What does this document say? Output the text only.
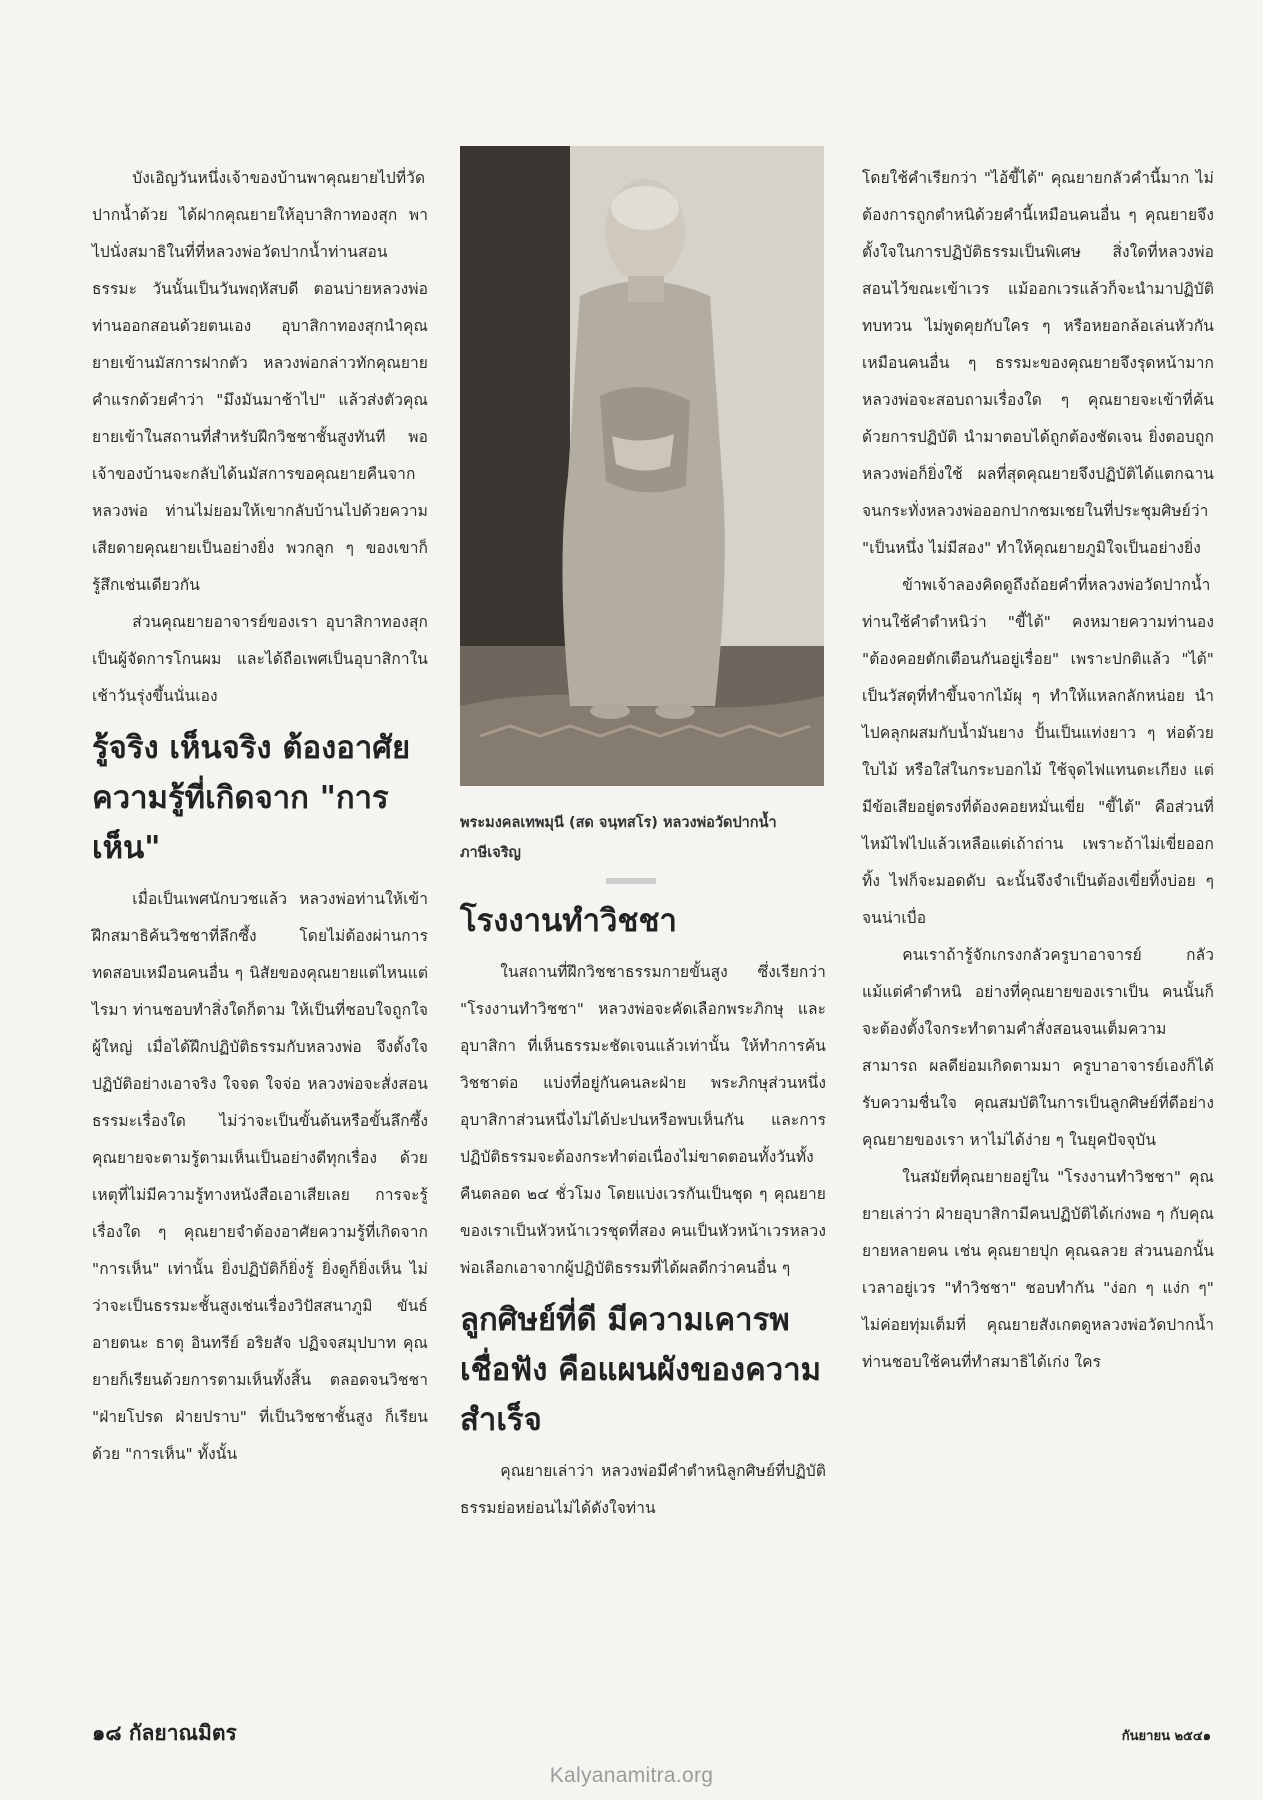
บังเอิญวันหนึ่งเจ้าของบ้านพาคุณยายไปที่วัดปากน้ำด้วย ได้ฝากคุณยายให้อุบาสิกาทองสุก พาไปนั่งสมาธิในที่ที่หลวงพ่อวัดปากน้ำท่านสอนธรรมะ วันนั้นเป็นวันพฤหัสบดี ตอนบ่ายหลวงพ่อท่านออกสอนด้วยตนเอง อุบาสิกาทองสุกนำคุณยายเข้านมัสการฝากตัว หลวงพ่อกล่าวทักคุณยายคำแรกด้วยคำว่า "มึงมันมาช้าไป" แล้วส่งตัวคุณยายเข้าในสถานที่สำหรับฝึกวิชชาชั้นสูงทันที พอเจ้าของบ้านจะกลับได้นมัสการขอคุณยายคืนจากหลวงพ่อ ท่านไม่ยอมให้เขากลับบ้านไปด้วยความเสียดายคุณยายเป็นอย่างยิ่ง พวกลูก ๆ ของเขาก็รู้สึกเช่นเดียวกัน

ส่วนคุณยายอาจารย์ของเรา อุบาสิกาทองสุกเป็นผู้จัดการโกนผม และได้ถือเพศเป็นอุบาสิกาในเช้าวันรุ่งขึ้นนั่นเอง

รู้จริง เห็นจริง ต้องอาศัยความรู้ที่เกิดจาก "การเห็น"

เมื่อเป็นเพศนักบวชแล้ว หลวงพ่อท่านให้เข้าฝึกสมาธิค้นวิชชาที่ลึกซึ้ง โดยไม่ต้องผ่านการทดสอบเหมือนคนอื่น ๆ นิสัยของคุณยายแต่ไหนแต่ไรมา ท่านชอบทำสิ่งใดก็ตาม ให้เป็นที่ชอบใจถูกใจผู้ใหญ่ เมื่อได้ฝึกปฏิบัติธรรมกับหลวงพ่อ จึงตั้งใจปฏิบัติอย่างเอาจริง ใจจด ใจจ่อ หลวงพ่อจะสั่งสอนธรรมะเรื่องใด ไม่ว่าจะเป็นขั้นต้นหรือขั้นลึกซึ้ง คุณยายจะตามรู้ตามเห็นเป็นอย่างดีทุกเรื่อง ด้วยเหตุที่ไม่มีความรู้ทางหนังสือเอาเสียเลย การจะรู้เรื่องใด ๆ คุณยายจำต้องอาศัยความรู้ที่เกิดจาก "การเห็น" เท่านั้น ยิ่งปฏิบัติก็ยิ่งรู้ ยิ่งดูก็ยิ่งเห็น ไม่ว่าจะเป็นธรรมะชั้นสูงเช่นเรื่องวิปัสสนาภูมิ ขันธ์ อายตนะ ธาตุ อินทรีย์ อริยสัจ ปฏิจจสมุปบาท คุณยายก็เรียนด้วยการตามเห็นทั้งสิ้น ตลอดจนวิชชา "ฝ่ายโปรด ฝ่ายปราบ" ที่เป็นวิชชาชั้นสูง ก็เรียนด้วย "การเห็น" ทั้งนั้น

พระมงคลเทพมุนี (สด จนฺทสโร) หลวงพ่อวัดปากน้ำ ภาษีเจริญ
โรงงานทำวิชชา

ในสถานที่ฝึกวิชชาธรรมกายขั้นสูง ซึ่งเรียกว่า "โรงงานทำวิชชา" หลวงพ่อจะคัดเลือกพระภิกษุ และอุบาสิกา ที่เห็นธรรมะชัดเจนแล้วเท่านั้น ให้ทำการค้นวิชชาต่อ แบ่งที่อยู่กันคนละฝ่าย พระภิกษุส่วนหนึ่ง อุบาสิกาส่วนหนึ่งไม่ได้ปะปนหรือพบเห็นกัน และการปฏิบัติธรรมจะต้องกระทำต่อเนื่องไม่ขาดตอนทั้งวันทั้งคืนตลอด ๒๔ ชั่วโมง โดยแบ่งเวรกันเป็นชุด ๆ คุณยายของเราเป็นหัวหน้าเวรชุดที่สอง คนเป็นหัวหน้าเวรหลวงพ่อเลือกเอาจากผู้ปฏิบัติธรรมที่ได้ผลดีกว่าคนอื่น ๆ

ลูกศิษย์ที่ดี มีความเคารพเชื่อฟัง คือแผนผังของความสำเร็จ

คุณยายเล่าว่า หลวงพ่อมีคำตำหนิลูกศิษย์ที่ปฏิบัติธรรมย่อหย่อนไม่ได้ดังใจท่าน

โดยใช้คำเรียกว่า "ไอ้ขี้ไต้" คุณยายกลัวคำนี้มาก ไม่ต้องการถูกตำหนิด้วยคำนี้เหมือนคนอื่น ๆ คุณยายจึงตั้งใจในการปฏิบัติธรรมเป็นพิเศษ สิ่งใดที่หลวงพ่อสอนไว้ขณะเข้าเวร แม้ออกเวรแล้วก็จะนำมาปฏิบัติทบทวน ไม่พูดคุยกับใคร ๆ หรือหยอกล้อเล่นหัวกันเหมือนคนอื่น ๆ ธรรมะของคุณยายจึงรุดหน้ามาก หลวงพ่อจะสอบถามเรื่องใด ๆ คุณยายจะเข้าที่ค้นด้วยการปฏิบัติ นำมาตอบได้ถูกต้องชัดเจน ยิ่งตอบถูกหลวงพ่อก็ยิ่งใช้ ผลที่สุดคุณยายจึงปฏิบัติได้แตกฉาน จนกระทั่งหลวงพ่อออกปากชมเชยในที่ประชุมศิษย์ว่า "เป็นหนึ่ง ไม่มีสอง" ทำให้คุณยายภูมิใจเป็นอย่างยิ่ง

ข้าพเจ้าลองคิดดูถึงถ้อยคำที่หลวงพ่อวัดปากน้ำท่านใช้คำตำหนิว่า "ขี้ไต้" คงหมายความท่านอง "ต้องคอยตักเตือนกันอยู่เรื่อย" เพราะปกติแล้ว "ไต้" เป็นวัสดุที่ทำขึ้นจากไม้ผุ ๆ ทำให้แหลกลักหน่อย นำไปคลุกผสมกับน้ำมันยาง ปั้นเป็นแท่งยาว ๆ ห่อด้วยใบไม้ หรือใส่ในกระบอกไม้ ใช้จุดไฟแทนตะเกียง แต่มีข้อเสียอยู่ตรงที่ต้องคอยหมั่นเขี่ย "ขี้ไต้" คือส่วนที่ไหม้ไฟไปแล้วเหลือแต่เถ้าถ่าน เพราะถ้าไม่เขี่ยออกทิ้ง ไฟก็จะมอดดับ ฉะนั้นจึงจำเป็นต้องเขี่ยทิ้งบ่อย ๆ จนน่าเบื่อ

คนเราถ้ารู้จักเกรงกลัวครูบาอาจารย์ กลัวแม้แต่คำตำหนิ อย่างที่คุณยายของเราเป็น คนนั้นก็จะต้องตั้งใจกระทำตามคำสั่งสอนจนเต็มความสามารถ ผลดีย่อมเกิดตามมา ครูบาอาจารย์เองก็ได้รับความชื่นใจ คุณสมบัติในการเป็นลูกศิษย์ที่ดีอย่างคุณยายของเรา หาไม่ได้ง่าย ๆ ในยุคปัจจุบัน

ในสมัยที่คุณยายอยู่ใน "โรงงานทำวิชชา" คุณยายเล่าว่า ฝ่ายอุบาสิกามีคนปฏิบัติได้เก่งพอ ๆ กับคุณยายหลายคน เช่น คุณยายปุก คุณฉลวย ส่วนนอกนั้นเวลาอยู่เวร "ทำวิชชา" ชอบทำกัน "ง่อก ๆ แง่ก ๆ" ไม่ค่อยทุ่มเต็มที่ คุณยายสังเกตดูหลวงพ่อวัดปากน้ำท่านชอบใช้คนที่ทำสมาธิได้เก่ง ใคร

๑๘ กัลยาณมิตร	กันยายน ๒๕๔๑
Kalyanamitra.org
